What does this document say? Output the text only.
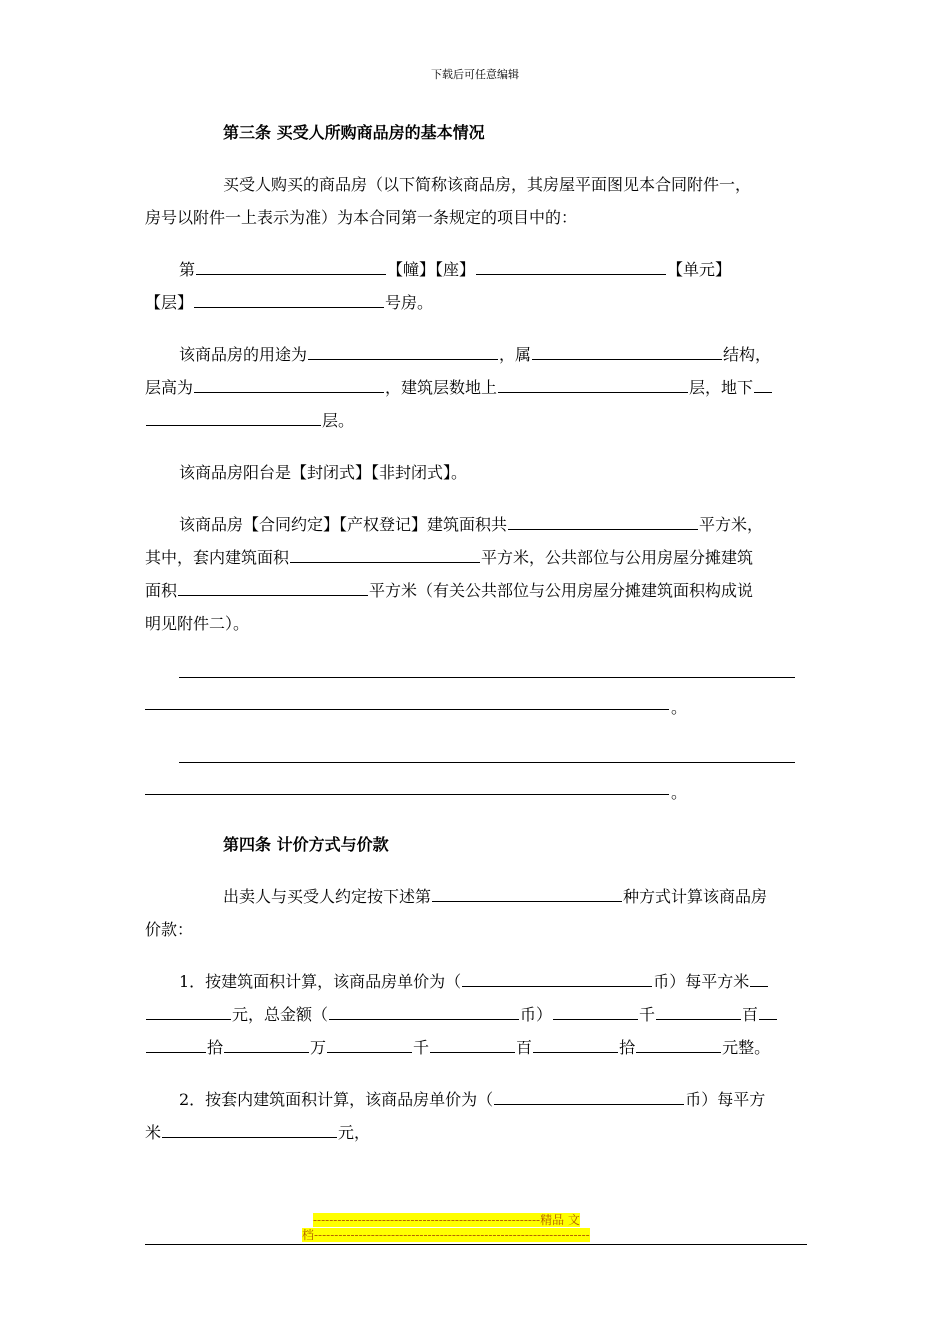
下载后可任意编辑
第三条 买受人所购商品房的基本情况
买受人购买的商品房（以下简称该商品房，其房屋平面图见本合同附件一，
房号以附件一上表示为准）为本合同第一条规定的项目中的：
第	【幢】【座】	【单元】
【层】	号房。
该商品房的用途为	，属	结构，
层高为	，建筑层数地上	层，地下
层。
该商品房阳台是【封闭式】【非封闭式】。
该商品房【合同约定】【产权登记】建筑面积共	平方米，
其中，套内建筑面积	平方米，公共部位与公用房屋分摊建筑
面积	平方米（有关公共部位与公用房屋分摊建筑面积构成说
明见附件二）。
。
。
第四条 计价方式与价款
出卖人与买受人约定按下述第	种方式计算该商品房
价款：
1．按建筑面积计算，该商品房单价为（	币）每平方米
元，总金额（	币）	千	百
拾	万	千	百	拾	元整。
2．按套内建筑面积计算，该商品房单价为（	币）每平方
米	元，
--------------------------------------------------------精品 文
档--------------------------------------------------------------------
